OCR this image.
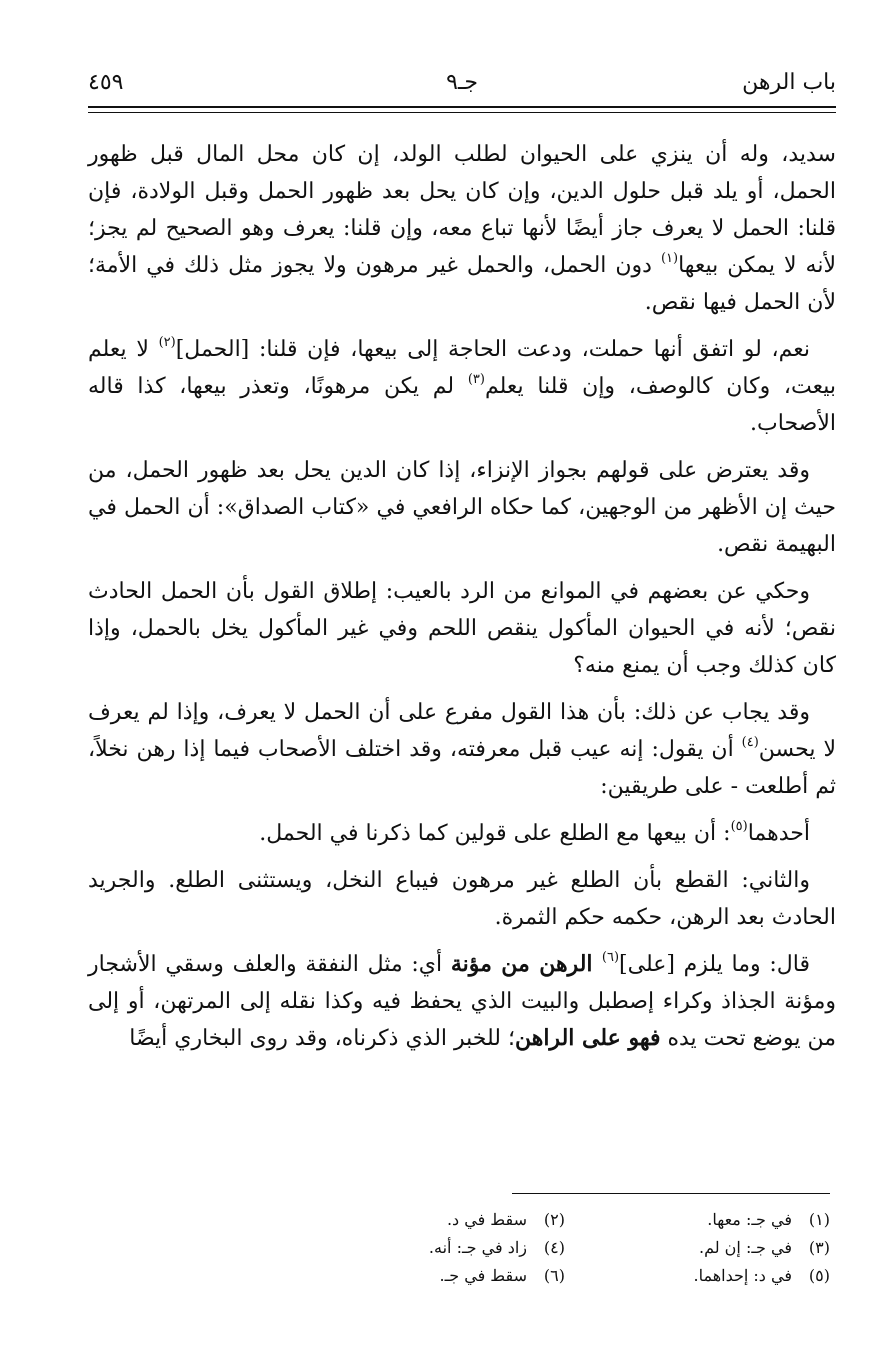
باب الرهن
جـ٩
٤٥٩

سديد، وله أن ينزي على الحيوان لطلب الولد، إن كان محل المال قبل ظهور الحمل، أو يلد قبل حلول الدين، وإن كان يحل بعد ظهور الحمل وقبل الولادة، فإن قلنا: الحمل لا يعرف جاز أيضًا لأنها تباع معه، وإن قلنا: يعرف وهو الصحيح لم يجز؛ لأنه لا يمكن بيعها$^{(١)}$ دون الحمل، والحمل غير مرهون ولا يجوز مثل ذلك في الأمة؛ لأن الحمل فيها نقص.

نعم، لو اتفق أنها حملت، ودعت الحاجة إلى بيعها، فإن قلنا: [الحمل]$^{(٢)}$ لا يعلم بيعت، وكان كالوصف، وإن قلنا يعلم$^{(٣)}$ لم يكن مرهونًا، وتعذر بيعها، كذا قاله الأصحاب.

وقد يعترض على قولهم بجواز الإنزاء، إذا كان الدين يحل بعد ظهور الحمل، من حيث إن الأظهر من الوجهين، كما حكاه الرافعي في «كتاب الصداق»: أن الحمل في البهيمة نقص.

وحكي عن بعضهم في الموانع من الرد بالعيب: إطلاق القول بأن الحمل الحادث نقص؛ لأنه في الحيوان المأكول ينقص اللحم وفي غير المأكول يخل بالحمل، وإذا كان كذلك وجب أن يمنع منه؟

وقد يجاب عن ذلك: بأن هذا القول مفرع على أن الحمل لا يعرف، وإذا لم يعرف لا يحسن$^{(٤)}$ أن يقول: إنه عيب قبل معرفته، وقد اختلف الأصحاب فيما إذا رهن نخلاً، ثم أطلعت - على طريقين:

أحدهما$^{(٥)}$: أن بيعها مع الطلع على قولين كما ذكرنا في الحمل.

والثاني: القطع بأن الطلع غير مرهون فيباع النخل، ويستثنى الطلع. والجريد الحادث بعد الرهن، حكمه حكم الثمرة.

قال: وما يلزم [على]$^{(٦)}$ الرهن من مؤنة أي: مثل النفقة والعلف وسقي الأشجار ومؤنة الجذاذ وكراء إصطبل والبيت الذي يحفظ فيه وكذا نقله إلى المرتهن، أو إلى من يوضع تحت يده فهو على الراهن؛ للخبر الذي ذكرناه، وقد روى البخاري أيضًا

(١)في جـ: معها.
(٢)سقط في د.
(٣)في جـ: إن لم.
(٤)زاد في جـ: أنه.
(٥)في د: إحداهما.
(٦)سقط في جـ.
